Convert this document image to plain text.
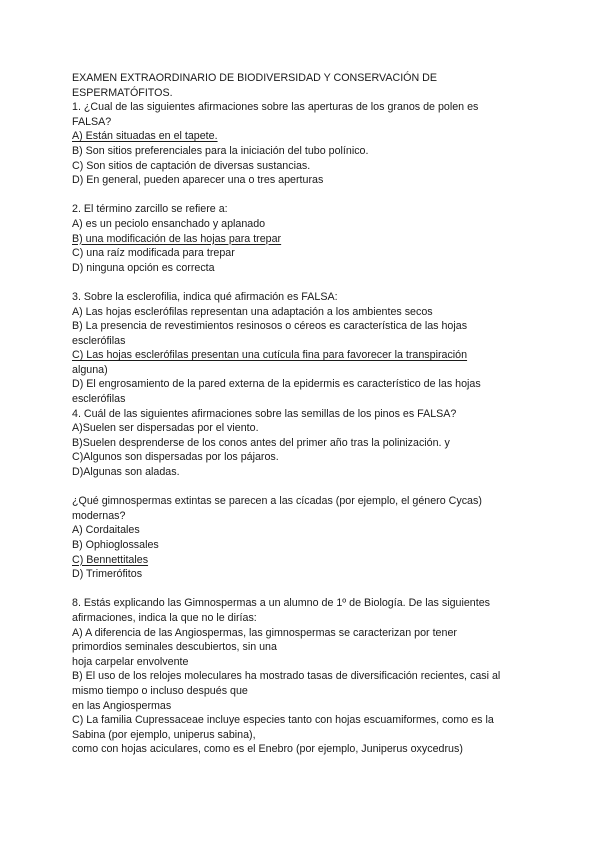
EXAMEN EXTRAORDINARIO DE BIODIVERSIDAD Y CONSERVACIÓN DE
ESPERMATÓFITOS.
1. ¿Cual de las siguientes afirmaciones sobre las aperturas de los granos de polen es
FALSA?
A) Están situadas en el tapete.
B) Son sitios preferenciales para la iniciación del tubo polínico.
C) Son sitios de captación de diversas sustancias.
D) En general, pueden aparecer una o tres aperturas
2. El término zarcillo se refiere a:
A) es un peciolo ensanchado y aplanado
B) una modificación de las hojas para trepar
C) una raíz modificada para trepar
D) ninguna opción es correcta
3. Sobre la esclerofilia, indica qué afirmación es FALSA:
A) Las hojas esclerófilas representan una adaptación a los ambientes secos
B) La presencia de revestimientos resinosos o céreos es característica de las hojas
esclerófilas
C) Las hojas esclerófilas presentan una cutícula fina para favorecer la transpiración
alguna)
D) El engrosamiento de la pared externa de la epidermis es característico de las hojas
esclerófilas
4. Cuál de las siguientes afirmaciones sobre las semillas de los pinos es FALSA?
A)Suelen ser dispersadas por el viento.
B)Suelen desprenderse de los conos antes del primer año tras la polinización. y
C)Algunos son dispersadas por los pájaros.
D)Algunas son aladas.
¿Qué gimnospermas extintas se parecen a las cícadas (por ejemplo, el género Cycas)
modernas?
A) Cordaitales
B) Ophioglossales
C) Bennettitales
D) Trimerófitos
8. Estás explicando las Gimnospermas a un alumno de 1º de Biología. De las siguientes
afirmaciones, indica la que no le dirías:
A) A diferencia de las Angiospermas, las gimnospermas se caracterizan por tener
primordios seminales descubiertos, sin una
hoja carpelar envolvente
B) El uso de los relojes moleculares ha mostrado tasas de diversificación recientes, casi al
mismo tiempo o incluso después que
en las Angiospermas
C) La familia Cupressaceae incluye especies tanto con hojas escuamiformes, como es la
Sabina (por ejemplo, uniperus sabina),
como con hojas aciculares, como es el Enebro (por ejemplo, Juniperus oxycedrus)
